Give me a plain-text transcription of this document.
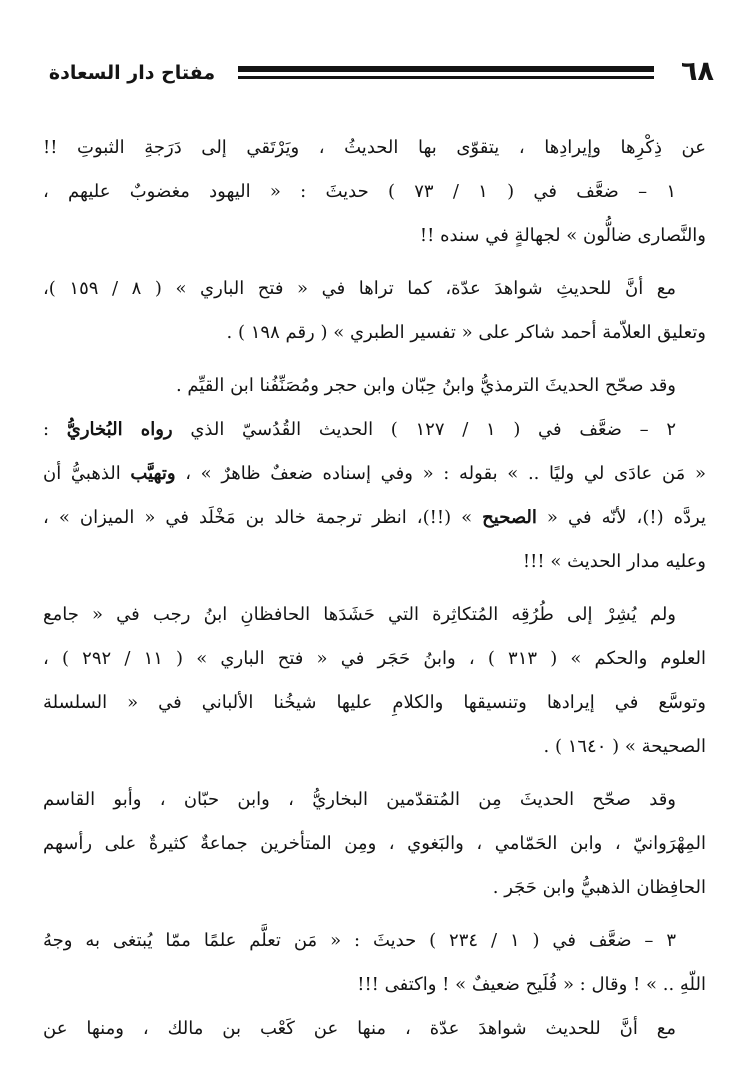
٦٨
مفتاح دار السعادة
عن ذِكْرِها وإيرادِها ، يتقوّى بها الحديثُ ، ويَرْتَقي إلى دَرَجةِ الثبوتِ !!
١ – ضعَّف في ( ١ / ٧٣ ) حديثَ : « اليهود مغضوبٌ عليهم ،
والنَّصارى ضالُّون » لجهالةٍ في سنده !!
مع أنَّ للحديثِ شواهدَ عدّة، كما تراها في « فتح الباري » ( ٨ / ١٥٩ )،
وتعليق العلاّمة أحمد شاكر على « تفسير الطبري » ( رقم ١٩٨ ) .
وقد صحّح الحديثَ الترمذيُّ وابنُ حِبّان وابن حجر ومُصَنِّفُنا ابن القيِّم .
٢ – ضعَّف في ( ١ / ١٢٧ ) الحديث القُدُسيّ الذي رواه البُخاريُّ :
« مَن عادَى لي وليًا .. » بقوله : « وفي إسناده ضعفٌ ظاهرٌ » ، وتهيَّب الذهبيُّ أن
يردَّه (!)، لأنّه في « الصحيح » (!!)، انظر ترجمة خالد بن مَخْلَد في « الميزان » ،
وعليه مدار الحديث » !!!
ولم يُشِرْ إلى طُرُقِه المُتكاثِرة التي حَشَدَها الحافظانِ ابنُ رجب في « جامع
العلوم والحكم » ( ٣١٣ ) ، وابنُ حَجَر في « فتح الباري » ( ١١ / ٢٩٢ ) ،
وتوسَّع في إيرادها وتنسيقها والكلامِ عليها شيخُنا الألباني في « السلسلة
الصحيحة » ( ١٦٤٠ ) .
وقد صحّح الحديثَ مِن المُتقدّمين البخاريُّ ، وابن حبّان ، وأبو القاسم
المِهْرَوانيّ ، وابن الحَمّامي ، والبَغوي ، ومِن المتأخرين جماعةٌ كثيرةٌ على رأسهم
الحافِظان الذهبيُّ وابن حَجَر .
٣ – ضعَّف في ( ١ / ٢٣٤ ) حديثَ : « مَن تعلَّم علمًا ممّا يُبتغى به وجهُ
اللّهِ .. » ! وقال : « فُلَيح ضعيفٌ » ! واكتفى !!!
مع أنَّ للحديث شواهدَ عدّة ، منها عن كَعْب بن مالك ، ومنها عن
